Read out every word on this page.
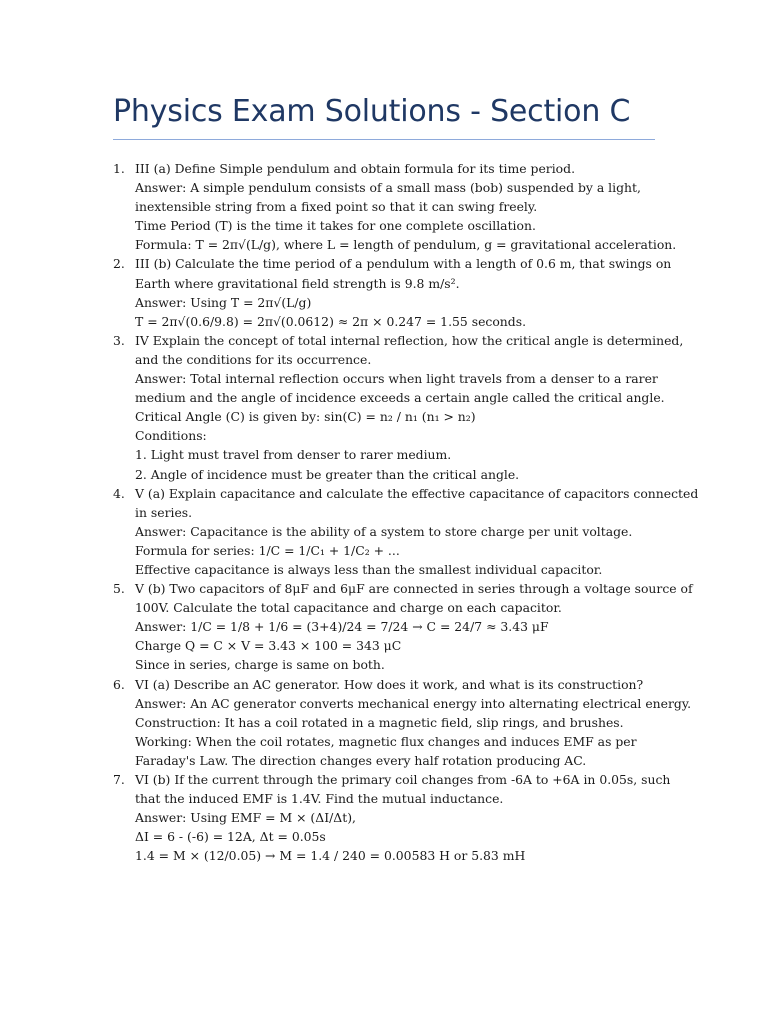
Physics Exam Solutions - Section C
1. III (a) Define Simple pendulum and obtain formula for its time period.
Answer: A simple pendulum consists of a small mass (bob) suspended by a light,
inextensible string from a fixed point so that it can swing freely.
Time Period (T) is the time it takes for one complete oscillation.
Formula: T = 2π√(L/g), where L = length of pendulum, g = gravitational acceleration.
2. III (b) Calculate the time period of a pendulum with a length of 0.6 m, that swings on
Earth where gravitational field strength is 9.8 m/s².
Answer: Using T = 2π√(L/g)
T = 2π√(0.6/9.8) = 2π√(0.0612) ≈ 2π × 0.247 = 1.55 seconds.
3. IV Explain the concept of total internal reflection, how the critical angle is determined,
and the conditions for its occurrence.
Answer: Total internal reflection occurs when light travels from a denser to a rarer
medium and the angle of incidence exceeds a certain angle called the critical angle.
Critical Angle (C) is given by: sin(C) = n₂ / n₁ (n₁ > n₂)
Conditions:
1. Light must travel from denser to rarer medium.
2. Angle of incidence must be greater than the critical angle.
4. V (a) Explain capacitance and calculate the effective capacitance of capacitors connected
in series.
Answer: Capacitance is the ability of a system to store charge per unit voltage.
Formula for series: 1/C = 1/C₁ + 1/C₂ + ...
Effective capacitance is always less than the smallest individual capacitor.
5. V (b) Two capacitors of 8μF and 6μF are connected in series through a voltage source of
100V. Calculate the total capacitance and charge on each capacitor.
Answer: 1/C = 1/8 + 1/6 = (3+4)/24 = 7/24 → C = 24/7 ≈ 3.43 μF
Charge Q = C × V = 3.43 × 100 = 343 μC
Since in series, charge is same on both.
6. VI (a) Describe an AC generator. How does it work, and what is its construction?
Answer: An AC generator converts mechanical energy into alternating electrical energy.
Construction: It has a coil rotated in a magnetic field, slip rings, and brushes.
Working: When the coil rotates, magnetic flux changes and induces EMF as per
Faraday's Law. The direction changes every half rotation producing AC.
7. VI (b) If the current through the primary coil changes from -6A to +6A in 0.05s, such
that the induced EMF is 1.4V. Find the mutual inductance.
Answer: Using EMF = M × (ΔI/Δt),
ΔI = 6 - (-6) = 12A, Δt = 0.05s
1.4 = M × (12/0.05) → M = 1.4 / 240 = 0.00583 H or 5.83 mH
